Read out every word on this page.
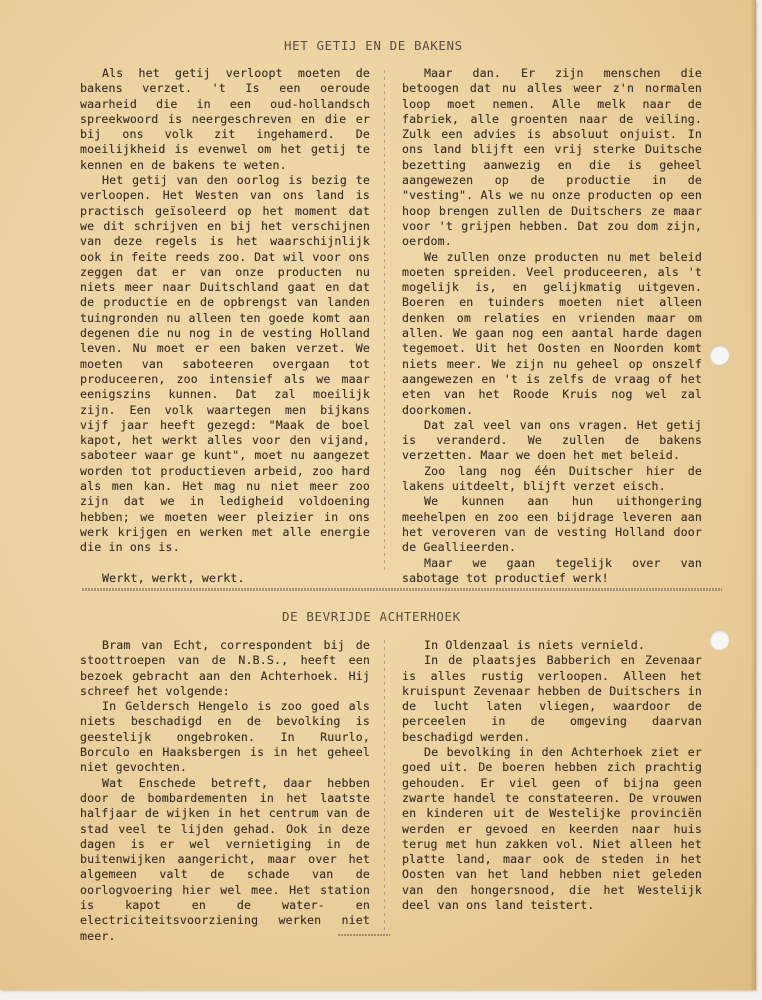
HET GETIJ EN DE BAKENS

Als het getij verloopt moeten de bakens verzet. 't Is een oeroude waarheid die in een oud-hollandsch spreekwoord is neergeschreven en die er bij ons volk zit ingehamerd. De moeilijkheid is evenwel om het getij te kennen en de bakens te weten.

Het getij van den oorlog is bezig te verloopen. Het Westen van ons land is practisch geïsoleerd op het moment dat we dit schrijven en bij het verschijnen van deze regels is het waarschijnlijk ook in feite reeds zoo. Dat wil voor ons zeggen dat er van onze producten nu niets meer naar Duitschland gaat en dat de productie en de opbrengst van landen tuingronden nu alleen ten goede komt aan degenen die nu nog in de vesting Holland leven. Nu moet er een baken verzet. We moeten van saboteeren overgaan tot produceeren, zoo intensief als we maar eenigszins kunnen. Dat zal moeilijk zijn. Een volk waartegen men bijkans vijf jaar heeft gezegd: "Maak de boel kapot, het werkt alles voor den vijand, saboteer waar ge kunt", moet nu aangezet worden tot productieven arbeid, zoo hard als men kan. Het mag nu niet meer zoo zijn dat we in ledigheid voldoening hebben; we moeten weer pleizier in ons werk krijgen en werken met alle energie die in ons is.

Werkt, werkt, werkt.

Maar dan. Er zijn menschen die betoogen dat nu alles weer z'n normalen loop moet nemen. Alle melk naar de fabriek, alle groenten naar de veiling. Zulk een advies is absoluut onjuist. In ons land blijft een vrij sterke Duitsche bezetting aanwezig en die is geheel aangewezen op de productie in de "vesting". Als we nu onze producten op een hoop brengen zullen de Duitschers ze maar voor 't grijpen hebben. Dat zou dom zijn, oerdom.

We zullen onze producten nu met beleid moeten spreiden. Veel produceeren, als 't mogelijk is, en gelijkmatig uitgeven. Boeren en tuinders moeten niet alleen denken om relaties en vrienden maar om allen. We gaan nog een aantal harde dagen tegemoet. Uit het Oosten en Noorden komt niets meer. We zijn nu geheel op onszelf aangewezen en 't is zelfs de vraag of het eten van het Roode Kruis nog wel zal doorkomen.

Dat zal veel van ons vragen. Het getij is veranderd. We zullen de bakens verzetten. Maar we doen het met beleid.

Zoo lang nog één Duitscher hier de lakens uitdeelt, blijft verzet eisch.

We kunnen aan hun uithongering meehelpen en zoo een bijdrage leveren aan het veroveren van de vesting Holland door de Geallieerden.

Maar we gaan tegelijk over van sabotage tot productief werk!

DE BEVRIJDE ACHTERHOEK

Bram van Echt, correspondent bij de stoottroepen van de N.B.S., heeft een bezoek gebracht aan den Achterhoek. Hij schreef het volgende:

In Geldersch Hengelo is zoo goed als niets beschadigd en de bevolking is geestelijk ongebroken. In Ruurlo, Borculo en Haaksbergen is in het geheel niet gevochten.

Wat Enschede betreft, daar hebben door de bombardementen in het laatste halfjaar de wijken in het centrum van de stad veel te lijden gehad. Ook in deze dagen is er wel vernietiging in de buitenwijken aangericht, maar over het algemeen valt de schade van de oorlogvoering hier wel mee. Het station is kapot en de water- en electriciteitsvoorziening werken niet meer.

In Oldenzaal is niets vernield.

In de plaatsjes Babberich en Zevenaar is alles rustig verloopen. Alleen het kruispunt Zevenaar hebben de Duitschers in de lucht laten vliegen, waardoor de perceelen in de omgeving daarvan beschadigd werden.

De bevolking in den Achterhoek ziet er goed uit. De boeren hebben zich prachtig gehouden. Er viel geen of bijna geen zwarte handel te constateeren. De vrouwen en kinderen uit de Westelijke provinciën werden er gevoed en keerden naar huis terug met hun zakken vol. Niet alleen het platte land, maar ook de steden in het Oosten van het land hebben niet geleden van den hongersnood, die het Westelijk deel van ons land teistert.
